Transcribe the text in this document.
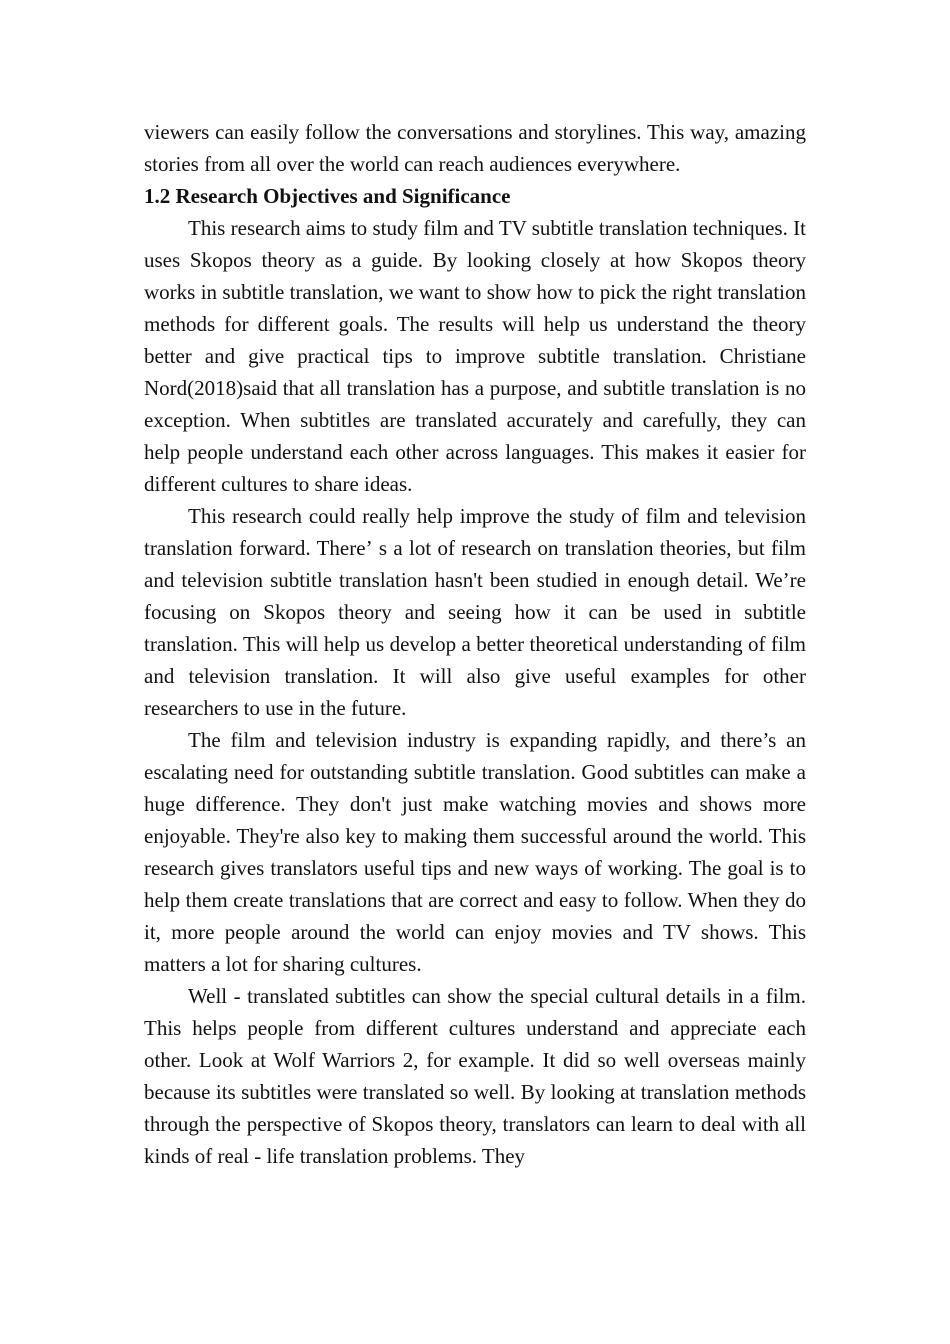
viewers can easily follow the conversations and storylines. This way, amazing stories from all over the world can reach audiences everywhere.

1.2 Research Objectives and Significance

This research aims to study film and TV subtitle translation techniques. It uses Skopos theory as a guide. By looking closely at how Skopos theory works in subtitle translation, we want to show how to pick the right translation methods for different goals. The results will help us understand the theory better and give practical tips to improve subtitle translation. Christiane Nord(2018)said that all translation has a purpose, and subtitle translation is no exception. When subtitles are translated accurately and carefully, they can help people understand each other across languages. This makes it easier for different cultures to share ideas.

This research could really help improve the study of film and television translation forward. Thereʼ s a lot of research on translation theories, but film and television subtitle translation hasn't been studied in enough detail. Weʼre focusing on Skopos theory and seeing how it can be used in subtitle translation. This will help us develop a better theoretical understanding of film and television translation. It will also give useful examples for other researchers to use in the future.

The film and television industry is expanding rapidly, and there’s an escalating need for outstanding subtitle translation. Good subtitles can make a huge difference. They don't just make watching movies and shows more enjoyable. They're also key to making them successful around the world. This research gives translators useful tips and new ways of working. The goal is to help them create translations that are correct and easy to follow. When they do it, more people around the world can enjoy movies and TV shows. This matters a lot for sharing cultures.

Well - translated subtitles can show the special cultural details in a film. This helps people from different cultures understand and appreciate each other. Look at Wolf Warriors 2, for example. It did so well overseas mainly because its subtitles were translated so well. By looking at translation methods through the perspective of Skopos theory, translators can learn to deal with all kinds of real - life translation problems. They
